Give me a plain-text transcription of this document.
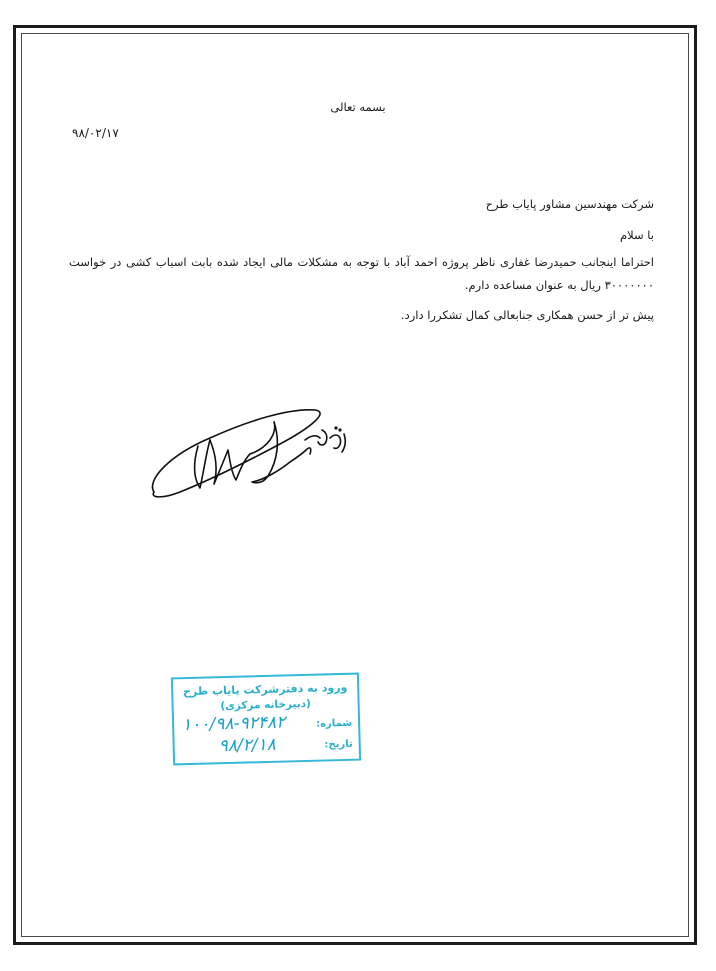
بسمه تعالی
۹۸/۰۲/۱۷
شرکت مهندسین مشاور پایاب طرح
با سلام
احتراما اینجانب حمیدرضا غفاری ناظر پروژه احمد آباد با توجه به مشکلات مالی ایجاد شده بابت اسباب کشی در خواست
۳۰۰۰۰۰۰۰ ریال به عنوان مساعده دارم.
پیش تر از حسن همکاری جنابعالی کمال تشکررا دارد.
ورود به دفترشرکت پایاب طرح
(دبیرخانه مرکزی)
شماره:
۱۰۰/۹۸-۹۲۴۸۲
تاریخ:
۹۸/۲/۱۸
